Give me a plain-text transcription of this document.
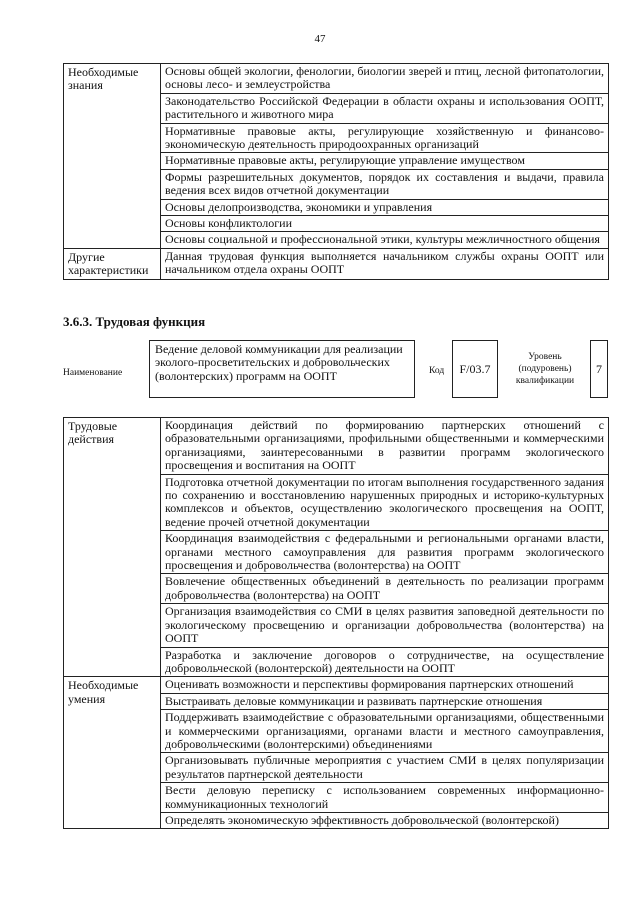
47
Необходимые знания	Основы общей экологии, фенологии, биологии зверей и птиц, лесной фитопатологии, основы лесо- и землеустройства
	Законодательство Российской Федерации в области охраны и использования ООПТ, растительного и животного мира
	Нормативные правовые акты, регулирующие хозяйственную и финансово-экономическую деятельность природоохранных организаций
	Нормативные правовые акты, регулирующие управление имуществом
	Формы разрешительных документов, порядок их составления и выдачи, правила ведения всех видов отчетной документации
	Основы делопроизводства, экономики и управления
	Основы конфликтологии
	Основы социальной и профессиональной этики, культуры межличностного общения
Другие характеристики	Данная трудовая функция выполняется начальником службы охраны ООПТ или начальником отдела охраны ООПТ
3.6.3. Трудовая функция
Наименование
Ведение деловой коммуникации для реализации эколого-просветительских и добровольческих (волонтерских) программ на ООПТ	Код	F/03.7
Уровень (подуровень) квалификации
7
Трудовые действия	Координация действий по формированию партнерских отношений с образовательными организациями, профильными общественными и коммерческими организациями, заинтересованными в развитии программ экологического просвещения и воспитания на ООПТ
	Подготовка отчетной документации по итогам выполнения государственного задания по сохранению и восстановлению нарушенных природных и историко-культурных комплексов и объектов, осуществлению экологического просвещения на ООПТ, ведение прочей отчетной документации
	Координация взаимодействия с федеральными и региональными органами власти, органами местного самоуправления для развития программ экологического просвещения и добровольчества (волонтерства) на ООПТ
	Вовлечение общественных объединений в деятельность по реализации программ добровольчества (волонтерства) на ООПТ
	Организация взаимодействия со СМИ в целях развития заповедной деятельности по экологическому просвещению и организации добровольчества (волонтерства) на ООПТ
	Разработка и заключение договоров о сотрудничестве, на осуществление добровольческой (волонтерской) деятельности на ООПТ
Необходимые умения	Оценивать возможности и перспективы формирования партнерских отношений
	Выстраивать деловые коммуникации и развивать партнерские отношения
	Поддерживать взаимодействие с образовательными организациями, общественными и коммерческими организациями, органами власти и местного самоуправления, добровольческими (волонтерскими) объединениями
	Организовывать публичные мероприятия с участием СМИ в целях популяризации результатов партнерской деятельности
	Вести деловую переписку с использованием современных информационно-коммуникационных технологий
	Определять экономическую эффективность добровольческой (волонтерской)
